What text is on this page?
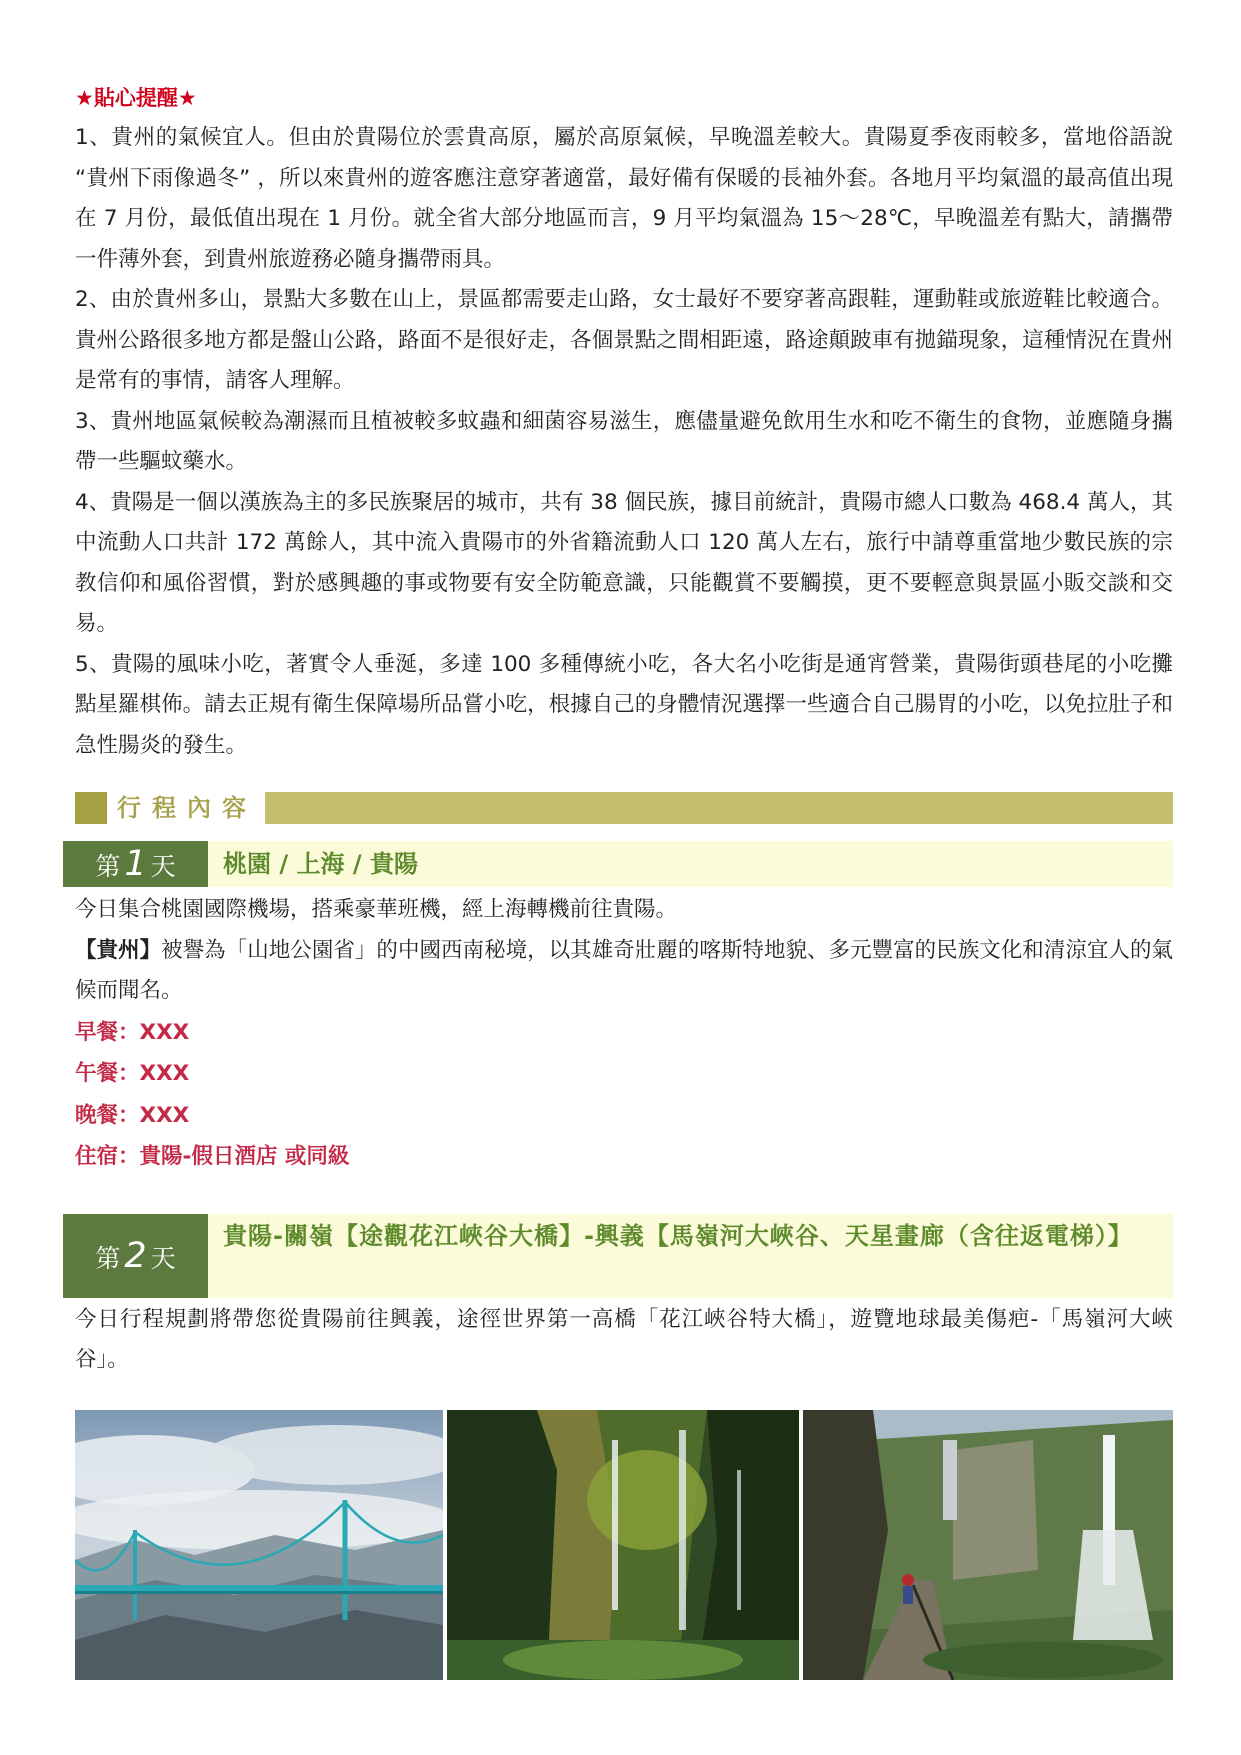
★貼心提醒★

1、貴州的氣候宜人。但由於貴陽位於雲貴高原，屬於高原氣候，早晚溫差較大。貴陽夏季夜雨較多，當地俗語說 “貴州下雨像過冬” ，所以來貴州的遊客應注意穿著適當，最好備有保暖的長袖外套。各地月平均氣溫的最高值出現在 7 月份，最低值出現在 1 月份。就全省大部分地區而言，9 月平均氣溫為 15～28℃，早晚溫差有點大，請攜帶一件薄外套，到貴州旅遊務必隨身攜帶雨具。

2、由於貴州多山，景點大多數在山上，景區都需要走山路，女士最好不要穿著高跟鞋，運動鞋或旅遊鞋比較適合。貴州公路很多地方都是盤山公路，路面不是很好走，各個景點之間相距遠，路途顛跛車有拋錨現象，這種情況在貴州是常有的事情，請客人理解。

3、貴州地區氣候較為潮濕而且植被較多蚊蟲和細菌容易滋生，應儘量避免飲用生水和吃不衛生的食物，並應隨身攜帶一些驅蚊藥水。

4、貴陽是一個以漢族為主的多民族聚居的城市，共有 38 個民族，據目前統計，貴陽市總人口數為 468.4 萬人，其中流動人口共計 172 萬餘人，其中流入貴陽市的外省籍流動人口 120 萬人左右，旅行中請尊重當地少數民族的宗教信仰和風俗習慣，對於感興趣的事或物要有安全防範意識，只能觀賞不要觸摸，更不要輕意與景區小販交談和交易。

5、貴陽的風味小吃，著實令人垂涎，多達 100 多種傳統小吃，各大名小吃街是通宵營業，貴陽街頭巷尾的小吃攤點星羅棋佈。請去正規有衛生保障場所品嘗小吃，根據自己的身體情況選擇一些適合自己腸胃的小吃，以免拉肚子和急性腸炎的發生。

行程內容
第 1 天	桃園 / 上海 / 貴陽

今日集合桃園國際機場，搭乘豪華班機，經上海轉機前往貴陽。

【貴州】被譽為「山地公園省」的中國西南秘境，以其雄奇壯麗的喀斯特地貌、多元豐富的民族文化和清涼宜人的氣候而聞名。

早餐：XXX
午餐：XXX
晚餐：XXX
住宿：貴陽-假日酒店 或同級
第 2 天
貴陽-關嶺【途觀花江峽谷大橋】-興義【馬嶺河大峽谷、天星畫廊（含往返電梯）】

今日行程規劃將帶您從貴陽前往興義，途徑世界第一高橋「花江峽谷特大橋」，遊覽地球最美傷疤-「馬嶺河大峽谷」。
